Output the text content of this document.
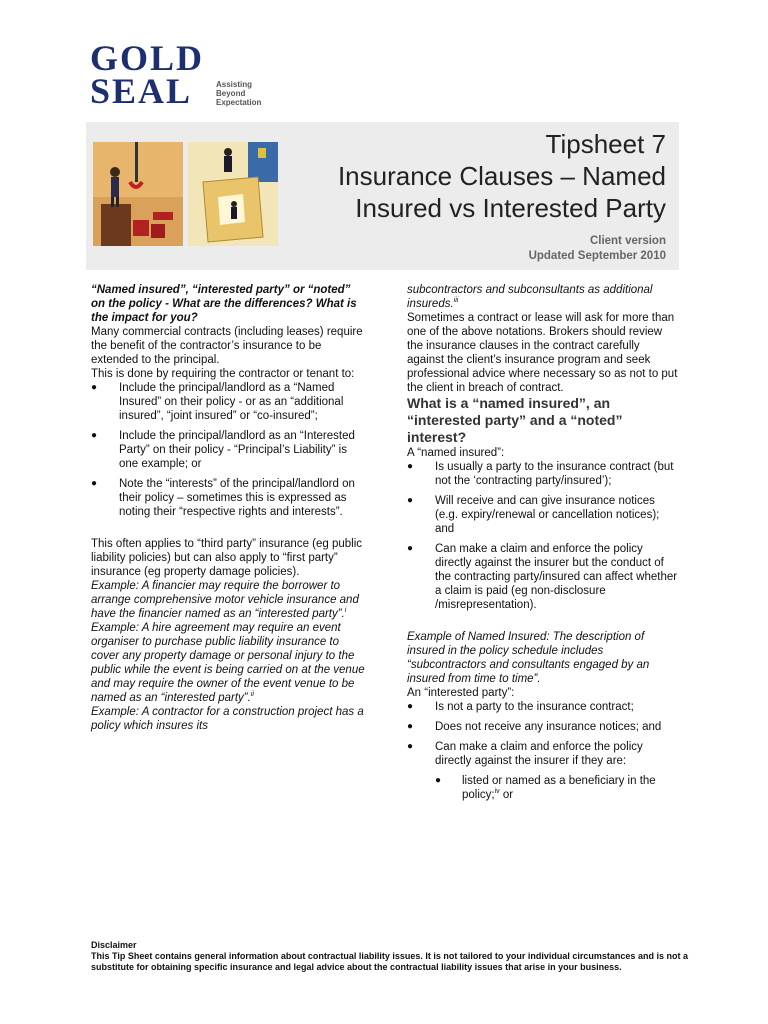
GOLD
SEAL	Assisting
Beyond
Expectation
Tipsheet 7
Insurance Clauses – Named
Insured vs Interested Party
Client version
Updated September 2010

“Named insured”, “interested party” or “noted” on the policy - What are the differences? What is the impact for you?

Many commercial contracts (including leases) require the benefit of the contractor’s insurance to be extended to the principal.

This is done by requiring the contractor or tenant to:

● Include the principal/landlord as a “Named Insured” on their policy - or as an “additional insured”, “joint insured” or “co-insured”;
● Include the principal/landlord as an “Interested Party” on their policy - “Principal’s Liability” is one example; or
● Note the “interests” of the principal/landlord on their policy – sometimes this is expressed as noting their “respective rights and interests”.

This often applies to “third party” insurance (eg public liability policies) but can also apply to “first party” insurance (eg property damage policies).

Example: A financier may require the borrower to arrange comprehensive motor vehicle insurance and have the financier named as an “interested party”.$^i$

Example: A hire agreement may require an event organiser to purchase public liability insurance to cover any property damage or personal injury to the public while the event is being carried on at the venue and may require the owner of the event venue to be named as an “interested party”.$^{ii}$

Example: A contractor for a construction project has a policy which insures its

subcontractors and subconsultants as additional insureds.$^{iii}$

Sometimes a contract or lease will ask for more than one of the above notations. Brokers should review the insurance clauses in the contract carefully against the client’s insurance program and seek professional advice where necessary so as not to put the client in breach of contract.

What is a “named insured”, an “interested party” and a “noted” interest?

A “named insured”:

● Is usually a party to the insurance contract (but not the ‘contracting party/insured’);
● Will receive and can give insurance notices (e.g. expiry/renewal or cancellation notices); and
● Can make a claim and enforce the policy directly against the insurer but the conduct of the contracting party/insured can affect whether a claim is paid (eg non-disclosure /misrepresentation).

Example of Named Insured: The description of insured in the policy schedule includes “subcontractors and consultants engaged by an insured from time to time”.

An “interested party”:

● Is not a party to the insurance contract;
● Does not receive any insurance notices; and
● Can make a claim and enforce the policy directly against the insurer if they are:
● listed or named as a beneficiary in the policy;$^{iv}$ or
Disclaimer
This Tip Sheet contains general information about contractual liability issues. It is not tailored to your individual circumstances and is not a substitute for obtaining specific insurance and legal advice about the contractual liability issues that arise in your business.
